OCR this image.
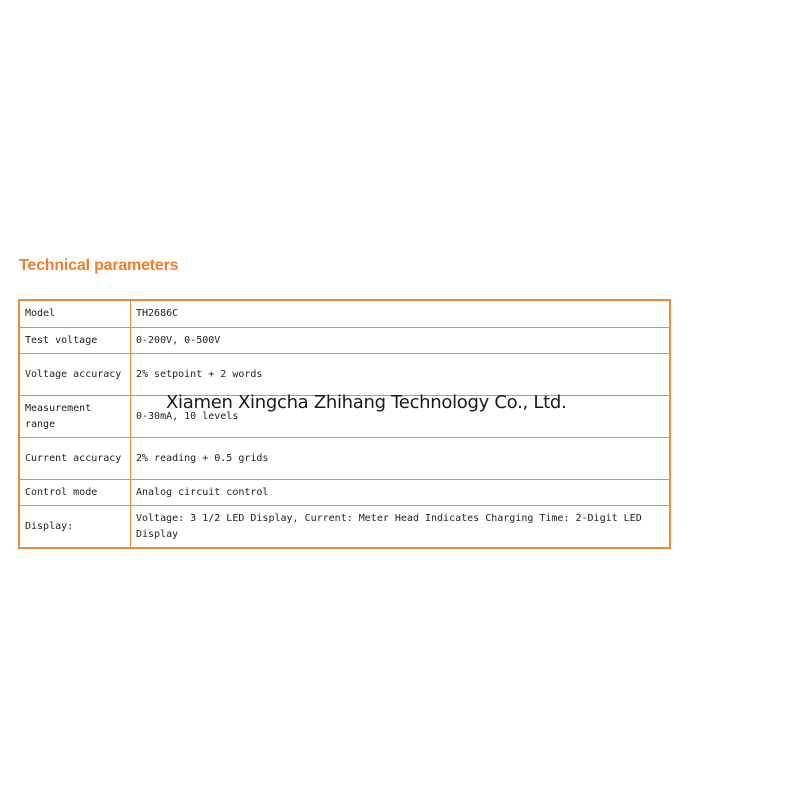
Technical parameters
Model	TH2686C
Test voltage	0-200V, 0-500V
Voltage accuracy	2% setpoint + 2 words
Measurement range	0-30mA, 10 levels
Current accuracy	2% reading + 0.5 grids
Control mode	Analog circuit control
Display:	Voltage: 3 1/2 LED Display, Current: Meter Head Indicates Charging Time: 2-Digit LED Display
Xiamen Xingcha Zhihang Technology Co., Ltd.
